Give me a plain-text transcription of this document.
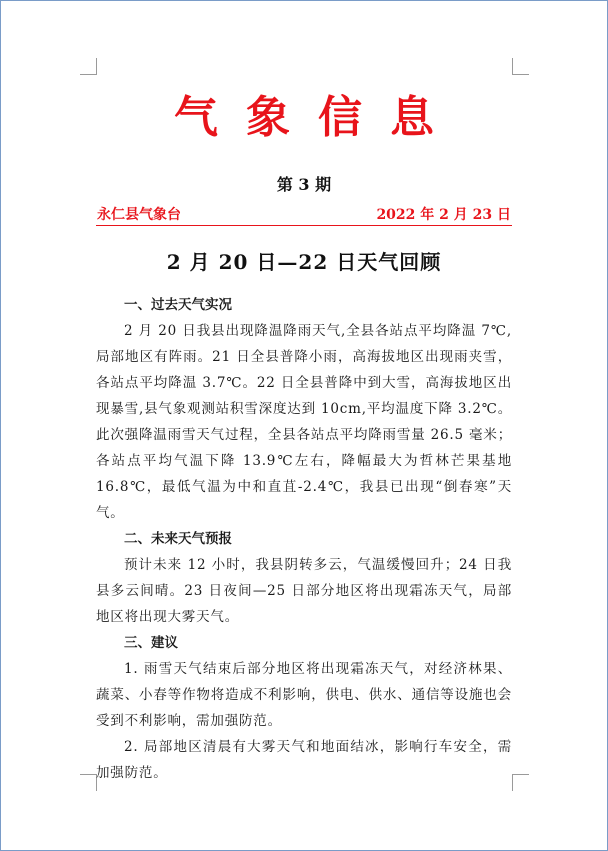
气象信息
第 3 期
永仁县气象台	2022 年 2 月 23 日
2 月 20 日—22 日天气回顾

一、过去天气实况

2 月 20 日我县出现降温降雨天气,全县各站点平均降温 7℃,局部地区有阵雨。21 日全县普降小雨，高海拔地区出现雨夹雪，各站点平均降温 3.7℃。22 日全县普降中到大雪，高海拔地区出现暴雪,县气象观测站积雪深度达到 10cm,平均温度下降 3.2℃。此次强降温雨雪天气过程，全县各站点平均降雨雪量 26.5 毫米；各站点平均气温下降 13.9℃左右，降幅最大为哲林芒果基地 16.8℃，最低气温为中和直苴-2.4℃，我县已出现“倒春寒”天气。

二、未来天气预报

预计未来 12 小时，我县阴转多云，气温缓慢回升；24 日我县多云间晴。23 日夜间—25 日部分地区将出现霜冻天气，局部地区将出现大雾天气。

三、建议

1. 雨雪天气结束后部分地区将出现霜冻天气，对经济林果、蔬菜、小春等作物将造成不利影响，供电、供水、通信等设施也会受到不利影响，需加强防范。

2. 局部地区清晨有大雾天气和地面结冰，影响行车安全，需加强防范。
